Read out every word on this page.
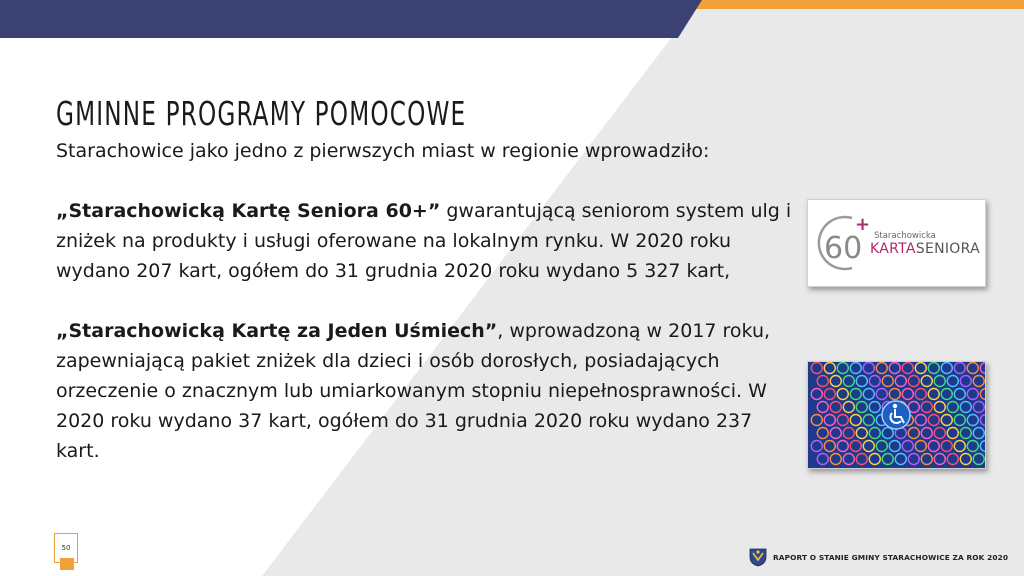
GMINNE PROGRAMY POMOCOWE

Starachowice jako jedno z pierwszych miast w regionie wprowadziło:

„Starachowicką Kartę Seniora 60+” gwarantującą seniorom system ulg i zniżek na produkty i usługi oferowane na lokalnym rynku. W 2020 roku wydano 207 kart, ogółem do 31 grudnia 2020 roku wydano 5 327 kart,

„Starachowicką Kartę za Jeden Uśmiech”, wprowadzoną w 2017 roku, zapewniającą pakiet zniżek dla dzieci i osób dorosłych, posiadających orzeczenie o znacznym lub umiarkowanym stopniu niepełnosprawności. W 2020 roku wydano 37 kart, ogółem do 31 grudnia 2020 roku wydano 237 kart.

60
+
Starachowicka
KARTASENIORA
50
RAPORT O STANIE GMINY STARACHOWICE ZA ROK 2020
